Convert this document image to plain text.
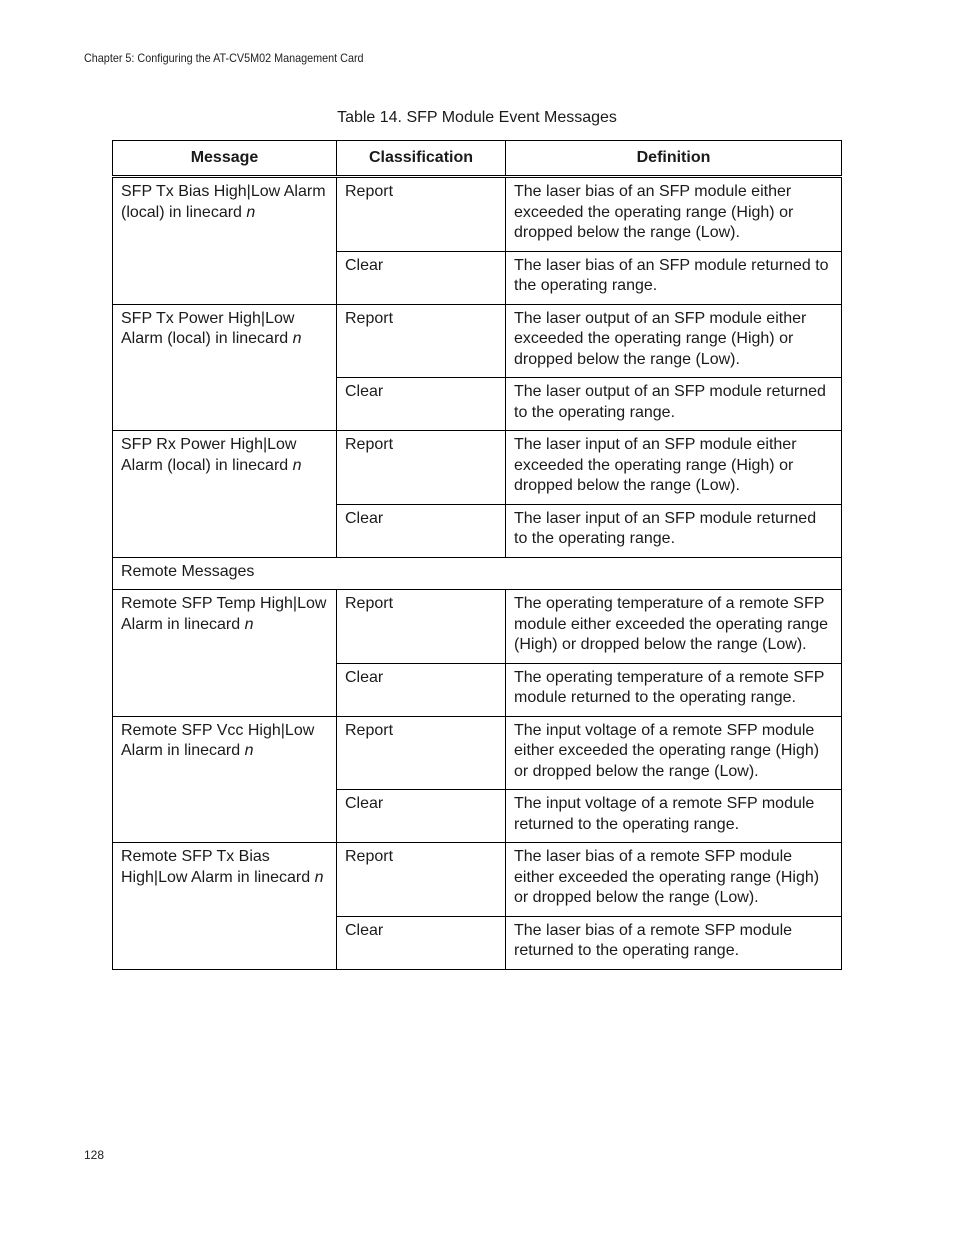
Chapter 5: Configuring the AT-CV5M02 Management Card
Table 14. SFP Module Event Messages
Message	Classification	Definition
SFP Tx Bias High|Low Alarm (local) in linecard n	Report	The laser bias of an SFP module either exceeded the operating range (High) or dropped below the range (Low).
	Clear	The laser bias of an SFP module returned to the operating range.
SFP Tx Power High|Low Alarm (local) in linecard n	Report	The laser output of an SFP module either exceeded the operating range (High) or dropped below the range (Low).
	Clear	The laser output of an SFP module returned to the operating range.
SFP Rx Power High|Low Alarm (local) in linecard n	Report	The laser input of an SFP module either exceeded the operating range (High) or dropped below the range (Low).
	Clear	The laser input of an SFP module returned to the operating range.
Remote Messages		
Remote SFP Temp High|Low Alarm in linecard n	Report	The operating temperature of a remote SFP module either exceeded the operating range (High) or dropped below the range (Low).
	Clear	The operating temperature of a remote SFP module returned to the operating range.
Remote SFP Vcc High|Low Alarm in linecard n	Report	The input voltage of a remote SFP module either exceeded the operating range (High) or dropped below the range (Low).
	Clear	The input voltage of a remote SFP module returned to the operating range.
Remote SFP Tx Bias High|Low Alarm in linecard n	Report	The laser bias of a remote SFP module either exceeded the operating range (High) or dropped below the range (Low).
	Clear	The laser bias of a remote SFP module returned to the operating range.
128
